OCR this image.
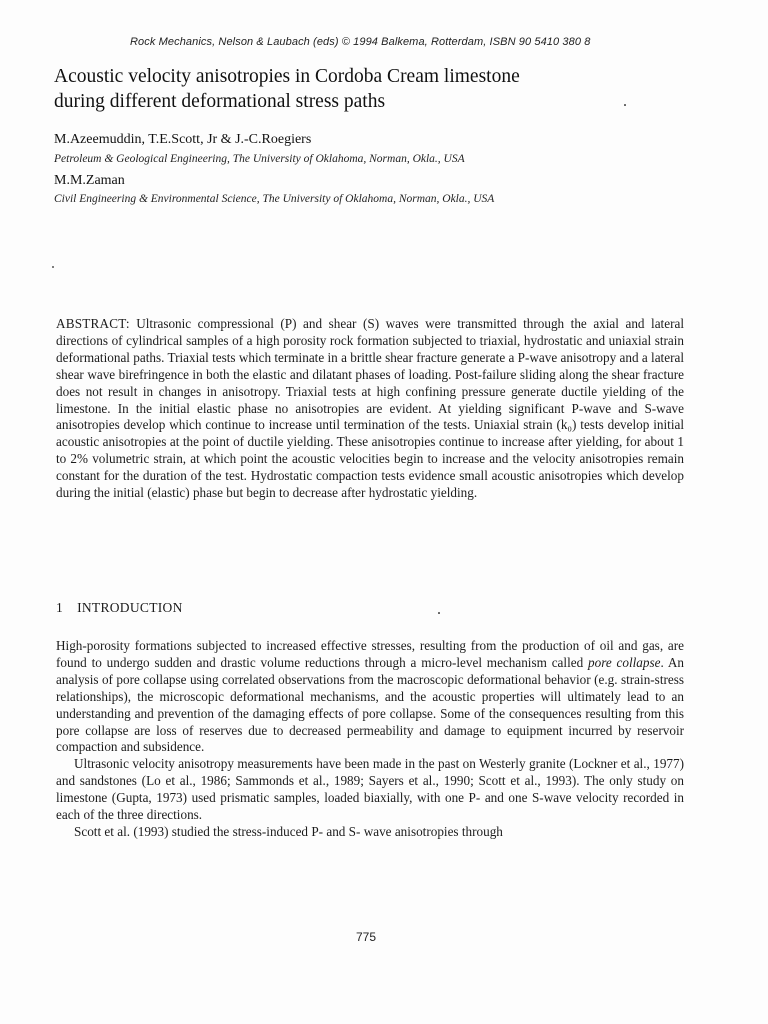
Rock Mechanics, Nelson & Laubach (eds) © 1994 Balkema, Rotterdam, ISBN 90 5410 380 8
Acoustic velocity anisotropies in Cordoba Cream limestone
during different deformational stress paths
M.Azeemuddin, T.E.Scott, Jr & J.-C.Roegiers
Petroleum & Geological Engineering, The University of Oklahoma, Norman, Okla., USA
M.M.Zaman
Civil Engineering & Environmental Science, The University of Oklahoma, Norman, Okla., USA

ABSTRACT: Ultrasonic compressional (P) and shear (S) waves were transmitted through the axial and lateral directions of cylindrical samples of a high porosity rock formation subjected to triaxial, hydrostatic and uniaxial strain deformational paths. Triaxial tests which terminate in a brittle shear fracture generate a P-wave anisotropy and a lateral shear wave birefringence in both the elastic and dilatant phases of loading. Post-failure sliding along the shear fracture does not result in changes in anisotropy. Triaxial tests at high confining pressure generate ductile yielding of the limestone. In the initial elastic phase no anisotropies are evident. At yielding significant P-wave and S-wave anisotropies develop which continue to increase until termination of the tests. Uniaxial strain (k₀) tests develop initial acoustic anisotropies at the point of ductile yielding. These anisotropies continue to increase after yielding, for about 1 to 2% volumetric strain, at which point the acoustic velocities begin to increase and the velocity anisotropies remain constant for the duration of the test. Hydrostatic compaction tests evidence small acoustic anisotropies which develop during the initial (elastic) phase but begin to decrease after hydrostatic yielding.

1 INTRODUCTION

High-porosity formations subjected to increased effective stresses, resulting from the production of oil and gas, are found to undergo sudden and drastic volume reductions through a micro-level mechanism called pore collapse. An analysis of pore collapse using correlated observations from the macroscopic deformational behavior (e.g. strain-stress relationships), the microscopic deformational mechanisms, and the acoustic properties will ultimately lead to an understanding and prevention of the damaging effects of pore collapse. Some of the consequences resulting from this pore collapse are loss of reserves due to decreased permeability and damage to equipment incurred by reservoir compaction and subsidence.

Ultrasonic velocity anisotropy measurements have been made in the past on Westerly granite (Lockner et al., 1977) and sandstones (Lo et al., 1986; Sammonds et al., 1989; Sayers et al., 1990; Scott et al., 1993). The only study on limestone (Gupta, 1973) used prismatic samples, loaded biaxially, with one P- and one S-wave velocity recorded in each of the three directions.

Scott et al. (1993) studied the stress-induced P- and S- wave anisotropies through

775
